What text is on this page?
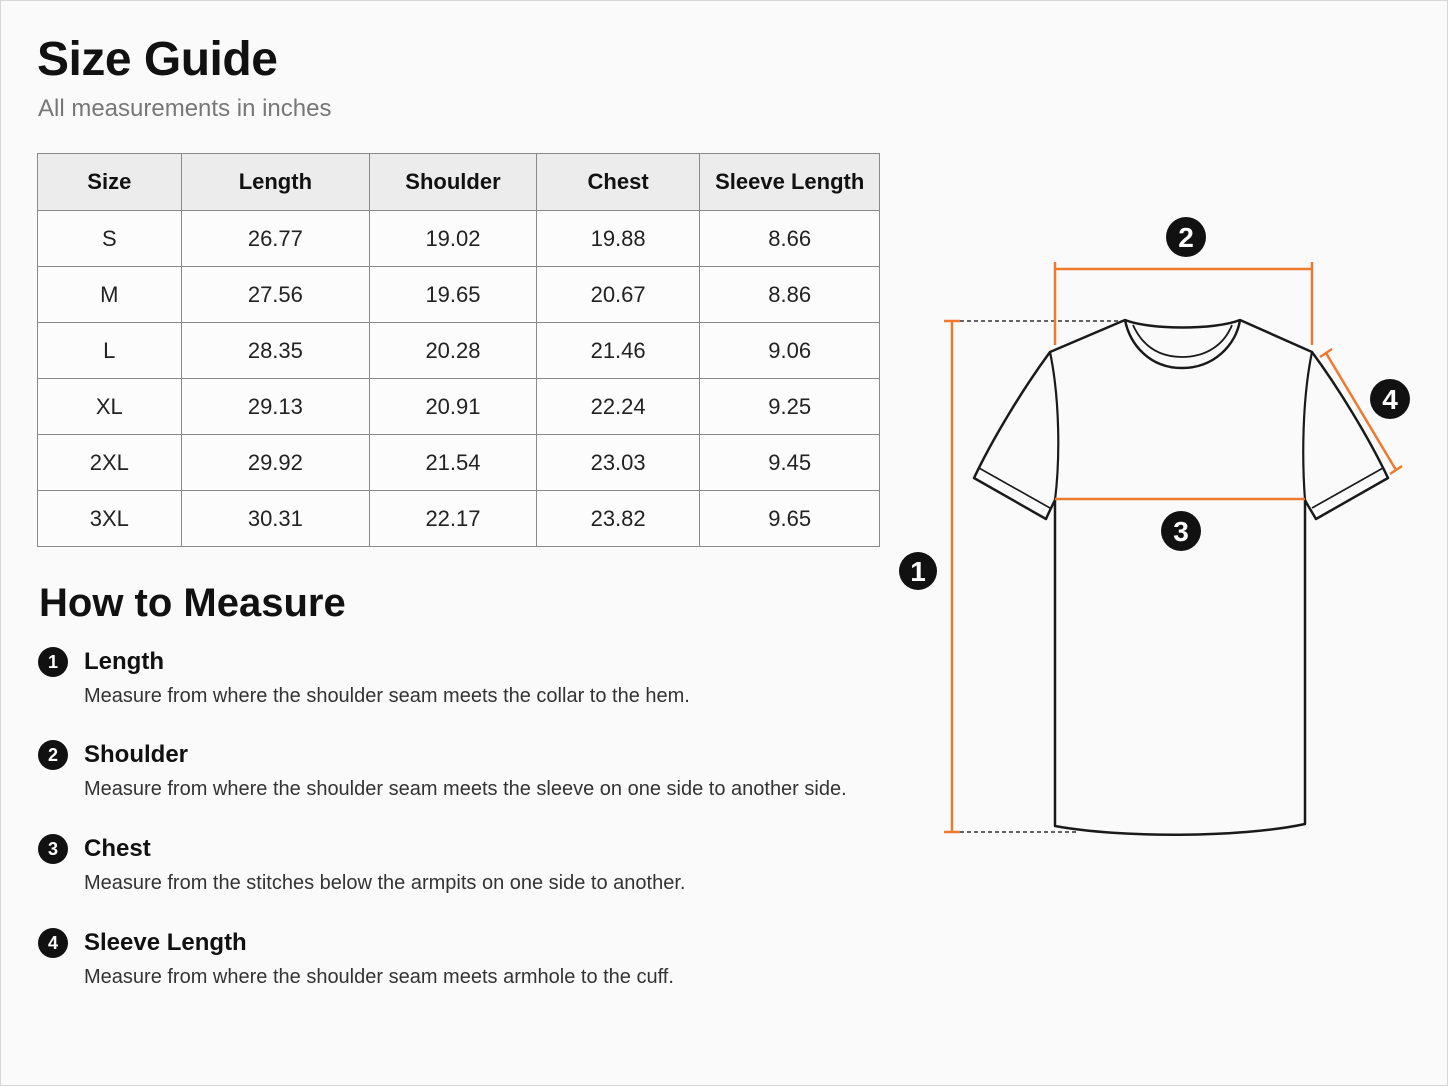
Size Guide
All measurements in inches
Size	Length	Shoulder	Chest	Sleeve Length
S	26.77	19.02	19.88	8.66
M	27.56	19.65	20.67	8.86
L	28.35	20.28	21.46	9.06
XL	29.13	20.91	22.24	9.25
2XL	29.92	21.54	23.03	9.45
3XL	30.31	22.17	23.82	9.65
How to Measure
1	Length
Measure from where the shoulder seam meets the collar to the hem.
2	Shoulder
Measure from where the shoulder seam meets the sleeve on one side to another side.
3	Chest
Measure from the stitches below the armpits on one side to another.
4	Sleeve Length
Measure from where the shoulder seam meets armhole to the cuff.
1
2
3
4
